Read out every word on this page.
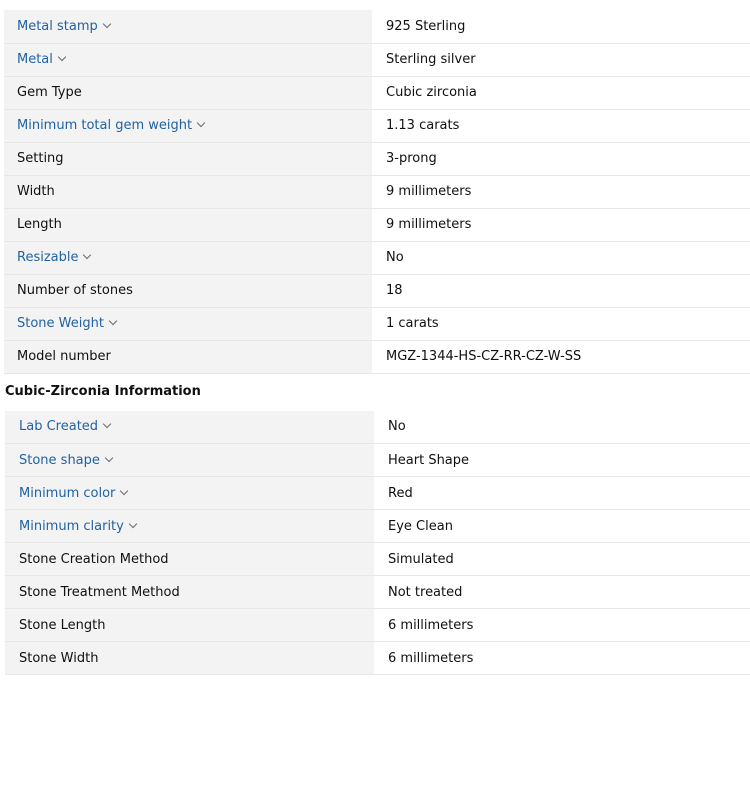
Metal stamp	925 Sterling
Metal	Sterling silver
Gem Type	Cubic zirconia
Minimum total gem weight	1.13 carats
Setting	3-prong
Width	9 millimeters
Length	9 millimeters
Resizable	No
Number of stones	18
Stone Weight	1 carats
Model number	MGZ-1344-HS-CZ-RR-CZ-W-SS
Cubic-Zirconia Information
Lab Created	No
Stone shape	Heart Shape
Minimum color	Red
Minimum clarity	Eye Clean
Stone Creation Method	Simulated
Stone Treatment Method	Not treated
Stone Length	6 millimeters
Stone Width	6 millimeters
